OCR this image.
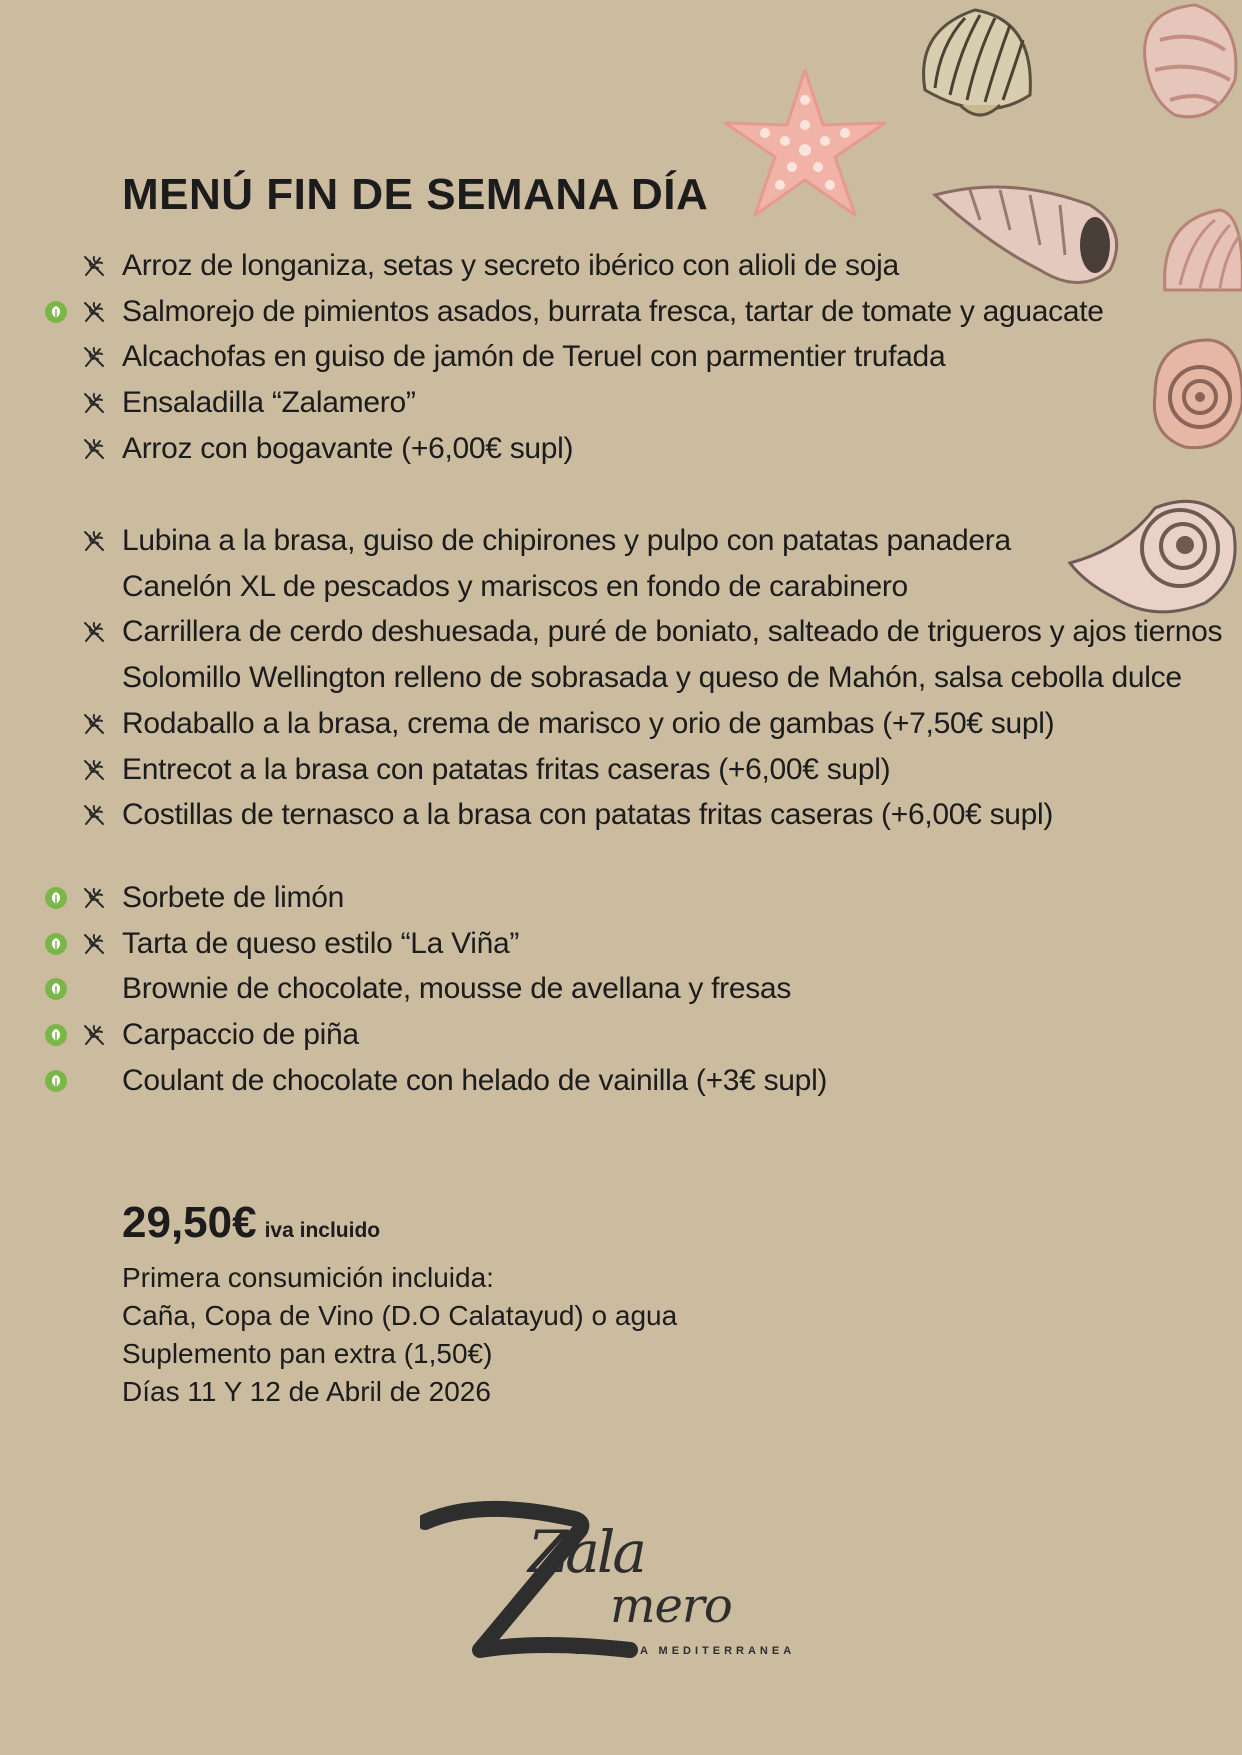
MENÚ FIN DE SEMANA DÍA
Arroz de longaniza, setas y secreto ibérico con alioli de soja
Salmorejo de pimientos asados, burrata fresca, tartar de tomate y aguacate
Alcachofas en guiso de jamón de Teruel con parmentier trufada
Ensaladilla “Zalamero”
Arroz con bogavante (+6,00€ supl)
Lubina a la brasa, guiso de chipirones y pulpo con patatas panadera
Canelón XL de pescados y mariscos en fondo de carabinero
Carrillera de cerdo deshuesada, puré de boniato, salteado de trigueros y ajos tiernos
Solomillo Wellington relleno de sobrasada y queso de Mahón, salsa cebolla dulce
Rodaballo a la brasa, crema de marisco y orio de gambas (+7,50€ supl)
Entrecot a la brasa con patatas fritas caseras (+6,00€ supl)
Costillas de ternasco a la brasa con patatas fritas caseras (+6,00€ supl)
Sorbete de limón
Tarta de queso estilo “La Viña”
Brownie de chocolate, mousse de avellana y fresas
Carpaccio de piña
Coulant de chocolate con helado de vainilla (+3€ supl)
29,50€ iva incluido
Primera consumición incluida:
Caña, Copa de Vino (D.O Calatayud) o agua
Suplemento pan extra (1,50€)
Días 11 Y 12 de Abril de 2026
Zala
mero
ESENCIA MEDITERRANEA
